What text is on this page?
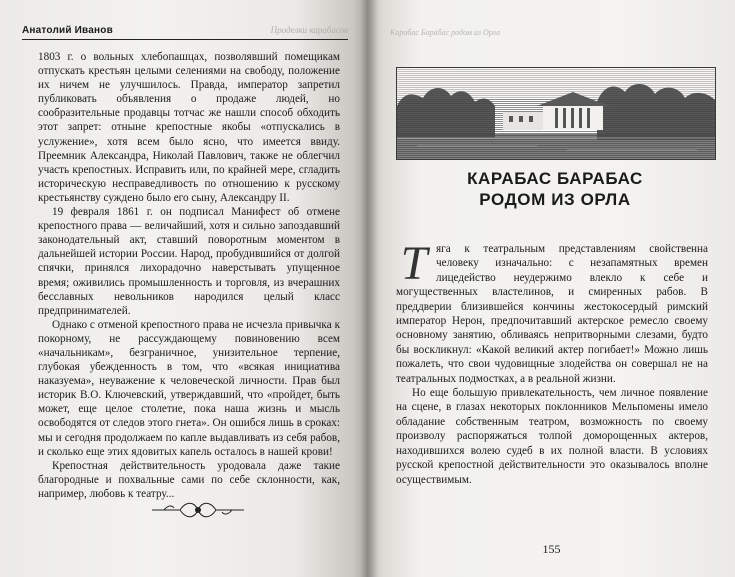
Анатолий Иванов	Проделки карабасов

1803 г. о вольных хлебопашцах, позволявший помещикам отпускать крестьян целыми селениями на свободу, положение их ничем не улучшилось. Правда, император запретил публиковать объявления о продаже людей, но сообразительные продавцы тотчас же нашли способ обходить этот запрет: отныне крепостные якобы «отпускались в услужение», хотя всем было ясно, что имеется ввиду. Преемник Александра, Николай Павлович, также не облегчил участь крепостных. Исправить или, по крайней мере, сгладить историческую несправедливость по отношению к русскому крестьянству суждено было его сыну, Александру II.

19 февраля 1861 г. он подписал Манифест об отмене крепостного права — величайший, хотя и сильно запоздавший законодательный акт, ставший поворотным моментом в дальнейшей истории России. Народ, пробудившийся от долгой спячки, принялся лихорадочно наверстывать упущенное время; оживились промышленность и торговля, из вчерашних бесславных невольников народился целый класс предпринимателей.

Однако с отменой крепостного права не исчезла привычка к покорному, не рассуждающему повиновению всем «начальникам», безграничное, унизительное терпение, глубокая убежденность в том, что «всякая инициатива наказуема», неуважение к человеческой личности. Прав был историк В.О. Ключевский, утверждавший, что «пройдет, быть может, еще целое столетие, пока наша жизнь и мысль освободятся от следов этого гнета». Он ошибся лишь в сроках: мы и сегодня продолжаем по капле выдавливать из себя рабов, и сколько еще этих ядовитых капель осталось в нашей крови!

Крепостная действительность уродовала даже такие благородные и похвальные сами по себе склонности, как, например, любовь к театру...

Карабас Барабас родом из Орла
КАРАБАС БАРАБАС
РОДОМ ИЗ ОРЛА
Т яга к театральным представлениям свойственна человеку изначально: с незапамятных времен лицедейство неудержимо влекло к себе и могущественных властелинов, и смиренных рабов. В преддверии близившейся кончины жестокосердый римский император Нерон, предпочитавший актерское ремесло своему основному занятию, обливаясь непритворными слезами, будто бы воскликнул: «Какой великий актер погибает!» Можно лишь пожалеть, что свои чудовищные злодейства он совершал не на театральных подмостках, а в реальной жизни.

Но еще большую привлекательность, чем личное появление на сцене, в глазах некоторых поклонников Мельпомены имело обладание собственным театром, возможность по своему произволу распоряжаться толпой доморощенных актеров, находившихся волею судеб в их полной власти. В условиях русской крепостной действительности это оказывалось вполне осуществимым.

155
